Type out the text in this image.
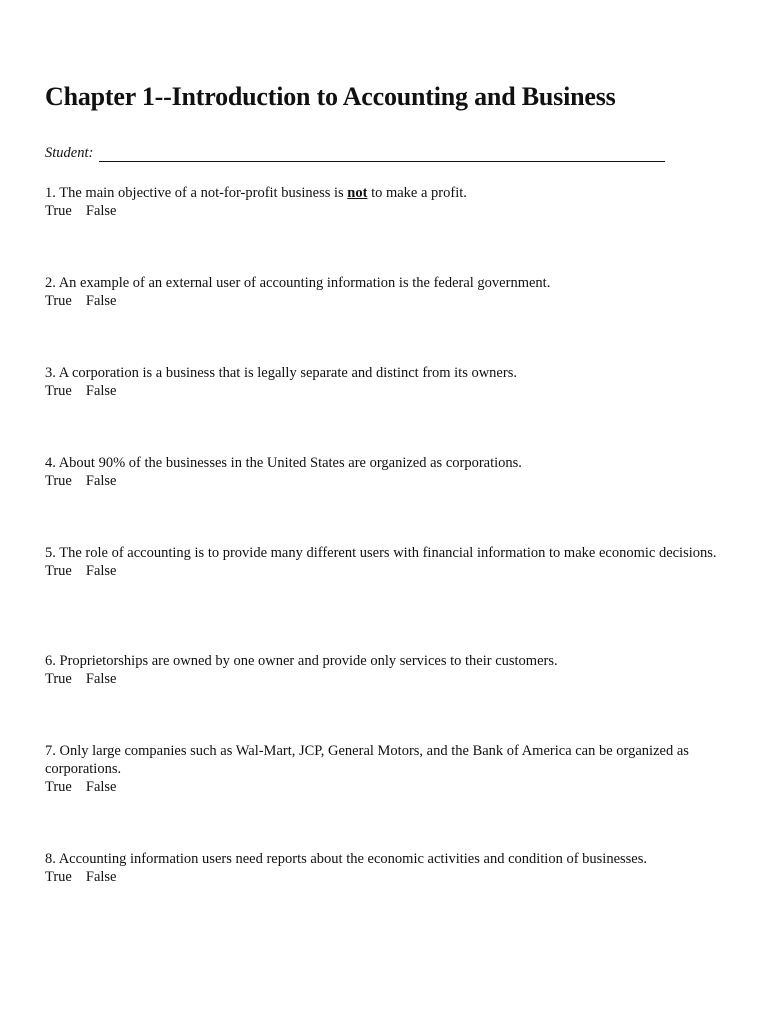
Chapter 1--Introduction to Accounting and Business
Student:

1. The main objective of a not-for-profit business is not to make a profit.

True False

2. An example of an external user of accounting information is the federal government.

True False

3. A corporation is a business that is legally separate and distinct from its owners.

True False

4. About 90% of the businesses in the United States are organized as corporations.

True False

5. The role of accounting is to provide many different users with financial information to make economic decisions.

True False

6. Proprietorships are owned by one owner and provide only services to their customers.

True False

7. Only large companies such as Wal-Mart, JCP, General Motors, and the Bank of America can be organized as corporations.

True False

8. Accounting information users need reports about the economic activities and condition of businesses.

True False
